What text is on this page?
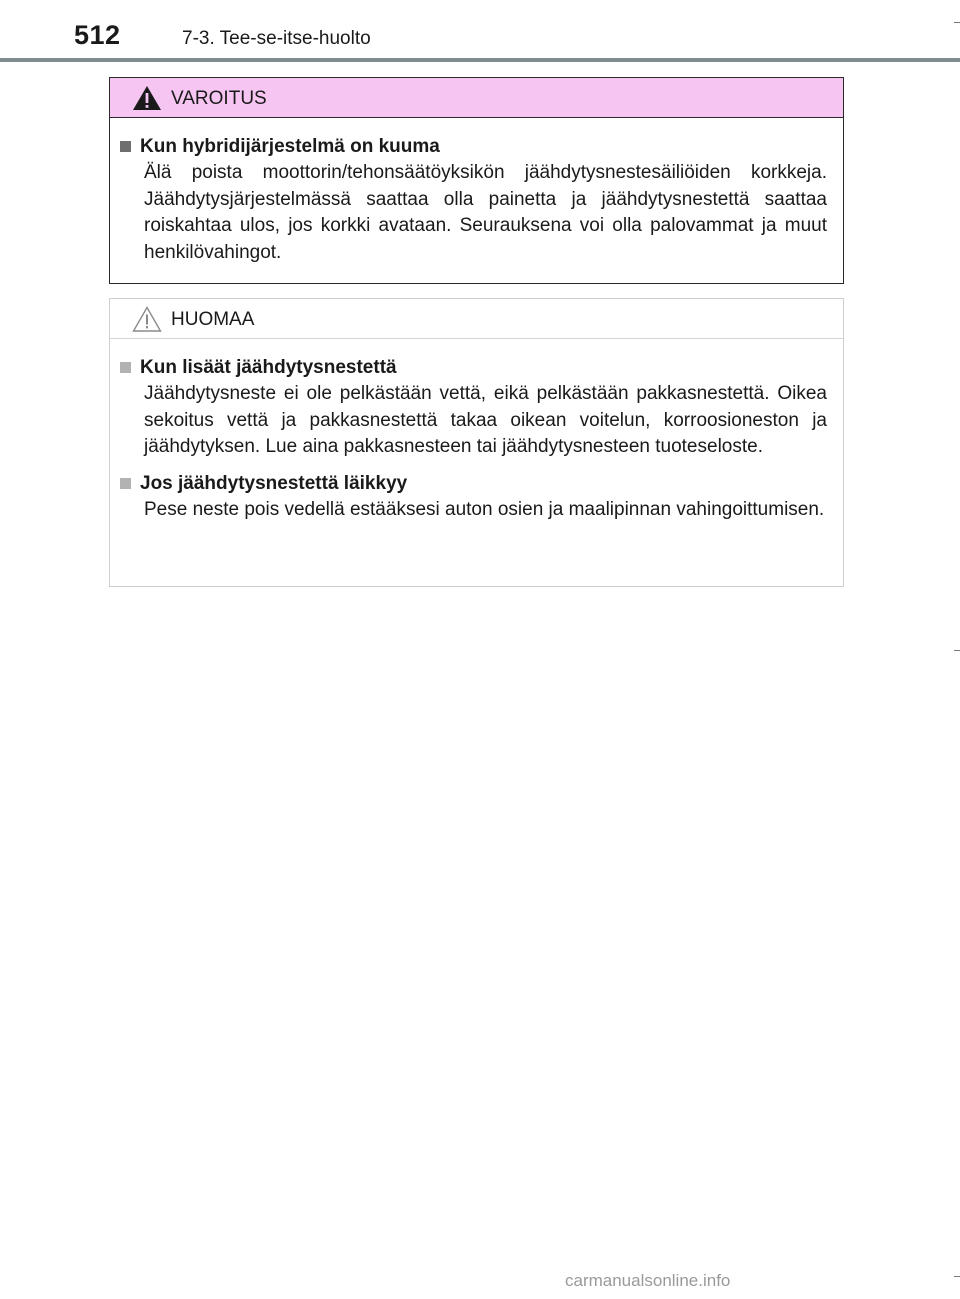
512	7-3. Tee-se-itse-huolto
VAROITUS
Kun hybridijärjestelmä on kuuma
Älä poista moottorin/tehonsäätöyksikön jäähdytysnestesäiliöiden korkkeja. Jäähdytysjärjestelmässä saattaa olla painetta ja jäähdytysnestettä saattaa roiskahtaa ulos, jos korkki avataan. Seurauksena voi olla palovammat ja muut henkilövahingot.
HUOMAA
Kun lisäät jäähdytysnestettä
Jäähdytysneste ei ole pelkästään vettä, eikä pelkästään pakkasnestettä. Oikea sekoitus vettä ja pakkasnestettä takaa oikean voitelun, korroosioneston ja jäähdytyksen. Lue aina pakkasnesteen tai jäähdytysnesteen tuoteseloste.
Jos jäähdytysnestettä läikkyy
Pese neste pois vedellä estääksesi auton osien ja maalipinnan vahingoittumisen.
carmanualsonline.info
